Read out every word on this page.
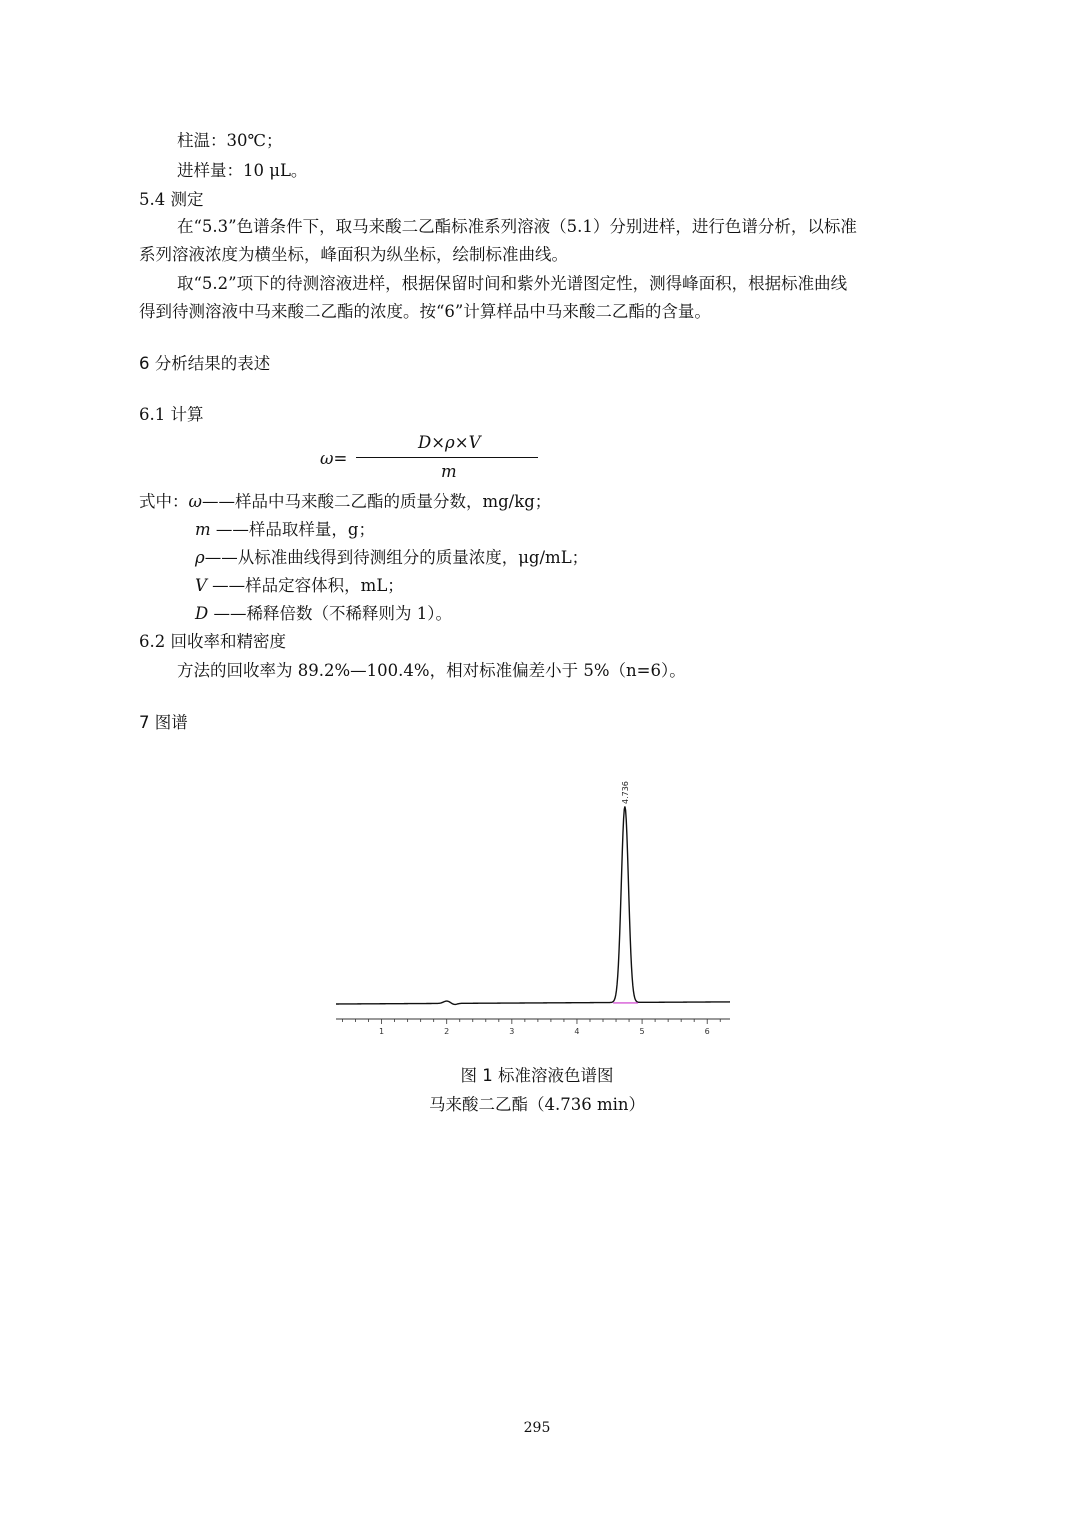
柱温：30℃；
进样量：10 μL。
5.4 测定
在“5.3”色谱条件下，取马来酸二乙酯标准系列溶液（5.1）分别进样，进行色谱分析，以标准
系列溶液浓度为横坐标，峰面积为纵坐标，绘制标准曲线。
取“5.2”项下的待测溶液进样，根据保留时间和紫外光谱图定性，测得峰面积，根据标准曲线
得到待测溶液中马来酸二乙酯的浓度。按“6”计算样品中马来酸二乙酯的含量。
6 分析结果的表述
6.1 计算
ω=
D×ρ×V
m
式中：ω——样品中马来酸二乙酯的质量分数，mg/kg；
m ——样品取样量，g；
ρ——从标准曲线得到待测组分的质量浓度，μg/mL；
V ——样品定容体积，mL；
D ——稀释倍数（不稀释则为 1）。
6.2 回收率和精密度
方法的回收率为 89.2%—100.4%，相对标准偏差小于 5%（n=6）。
7 图谱
1	2	3	4	5	6
4.736
图 1 标准溶液色谱图
马来酸二乙酯（4.736 min）
295
